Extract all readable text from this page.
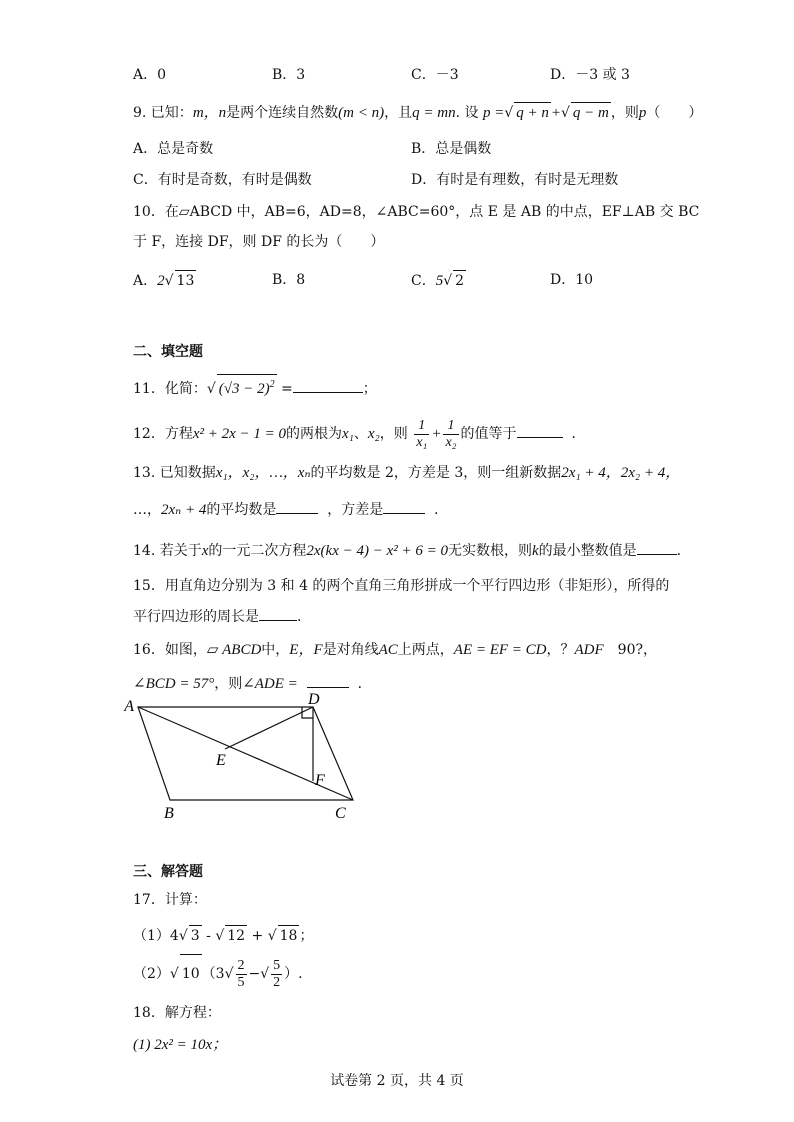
A．0	B．3	C．－3	D．－3 或 3
9. 已知：m，n是两个连续自然数(m < n)，且q = mn. 设 p =√ q + n +√ q − m ，则p（　　）
A．总是奇数	B．总是偶数
C．有时是奇数，有时是偶数	D．有时是有理数，有时是无理数
10．在▱ABCD 中，AB=6，AD=8，∠ABC=60°，点 E 是 AB 的中点，EF⊥AB 交 BC
于 F，连接 DF，则 DF 的长为（　　）
A．2√ 13	B．8	C．5√ 2	D．10
二、填空题
11．化简：√ $(√3 - 2)^2$ =	；
12．方程x² + 2x − 1 = 0的两根为x₁、x₂，则 $\frac{1}{\text{x₁}} + \frac{1}{\text{x₂}}$ 的值等于	．
13. 已知数据x₁，x₂，…，xₙ的平均数是 2，方差是 3，则一组新数据2x₁ + 4，2x₂ + 4，
…，2xₙ + 4的平均数是	，方差是	．
14. 若关于x的一元二次方程2x(kx − 4) − x² + 6 = 0无实数根，则k的最小整数值是	.
15．用直角边分别为 3 和 4 的两个直角三角形拼成一个平行四边形（非矩形），所得的
平行四边形的周长是	.
16．如图，▱ ABCD中，E，F是对角线AC上两点，AE = EF = CD，？ADF　90?，
∠BCD = 57°，则∠ADE =	．
A	D
E
F
B	C
三、解答题
17．计算：
（1）4√ 3 - √ 12 + √ 18 ；
（2）√ 10 （$3√ \frac{2}{5}$ −√ $\frac{5}{2}$ ）.
18．解方程：
(1) 2x² = 10x；
试卷第 2 页，共 4 页
